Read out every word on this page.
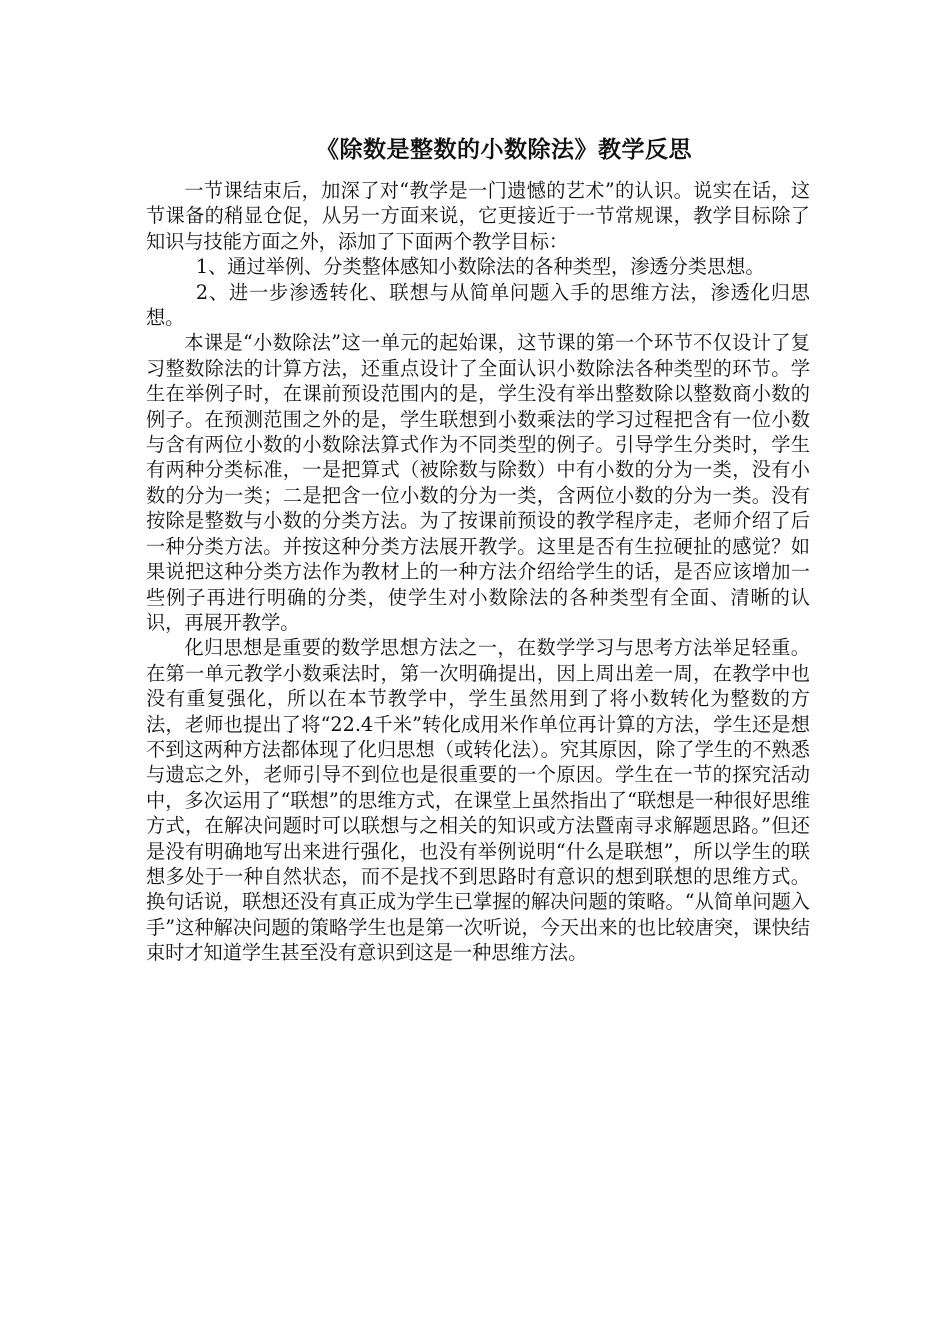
《除数是整数的小数除法》教学反思

一节课结束后，加深了对“教学是一门遗憾的艺术”的认识。说实在话，这节课备的稍显仓促，从另一方面来说，它更接近于一节常规课，教学目标除了知识与技能方面之外，添加了下面两个教学目标：

1、通过举例、分类整体感知小数除法的各种类型，渗透分类思想。

2、进一步渗透转化、联想与从简单问题入手的思维方法，渗透化归思想。

本课是“小数除法”这一单元的起始课，这节课的第一个环节不仅设计了复习整数除法的计算方法，还重点设计了全面认识小数除法各种类型的环节。学生在举例子时，在课前预设范围内的是，学生没有举出整数除以整数商小数的例子。在预测范围之外的是，学生联想到小数乘法的学习过程把含有一位小数与含有两位小数的小数除法算式作为不同类型的例子。引导学生分类时，学生有两种分类标准，一是把算式（被除数与除数）中有小数的分为一类，没有小数的分为一类；二是把含一位小数的分为一类，含两位小数的分为一类。没有按除是整数与小数的分类方法。为了按课前预设的教学程序走，老师介绍了后一种分类方法。并按这种分类方法展开教学。这里是否有生拉硬扯的感觉？如果说把这种分类方法作为教材上的一种方法介绍给学生的话，是否应该增加一些例子再进行明确的分类，使学生对小数除法的各种类型有全面、清晰的认识，再展开教学。

化归思想是重要的数学思想方法之一，在数学学习与思考方法举足轻重。在第一单元教学小数乘法时，第一次明确提出，因上周出差一周，在教学中也没有重复强化，所以在本节教学中，学生虽然用到了将小数转化为整数的方法，老师也提出了将“22.4千米”转化成用米作单位再计算的方法，学生还是想不到这两种方法都体现了化归思想（或转化法）。究其原因，除了学生的不熟悉与遗忘之外，老师引导不到位也是很重要的一个原因。学生在一节的探究活动中，多次运用了“联想”的思维方式，在课堂上虽然指出了“联想是一种很好思维方式，在解决问题时可以联想与之相关的知识或方法暨南寻求解题思路。”但还是没有明确地写出来进行强化，也没有举例说明“什么是联想”，所以学生的联想多处于一种自然状态，而不是找不到思路时有意识的想到联想的思维方式。换句话说，联想还没有真正成为学生已掌握的解决问题的策略。“从简单问题入手”这种解决问题的策略学生也是第一次听说，今天出来的也比较唐突，课快结束时才知道学生甚至没有意识到这是一种思维方法。
